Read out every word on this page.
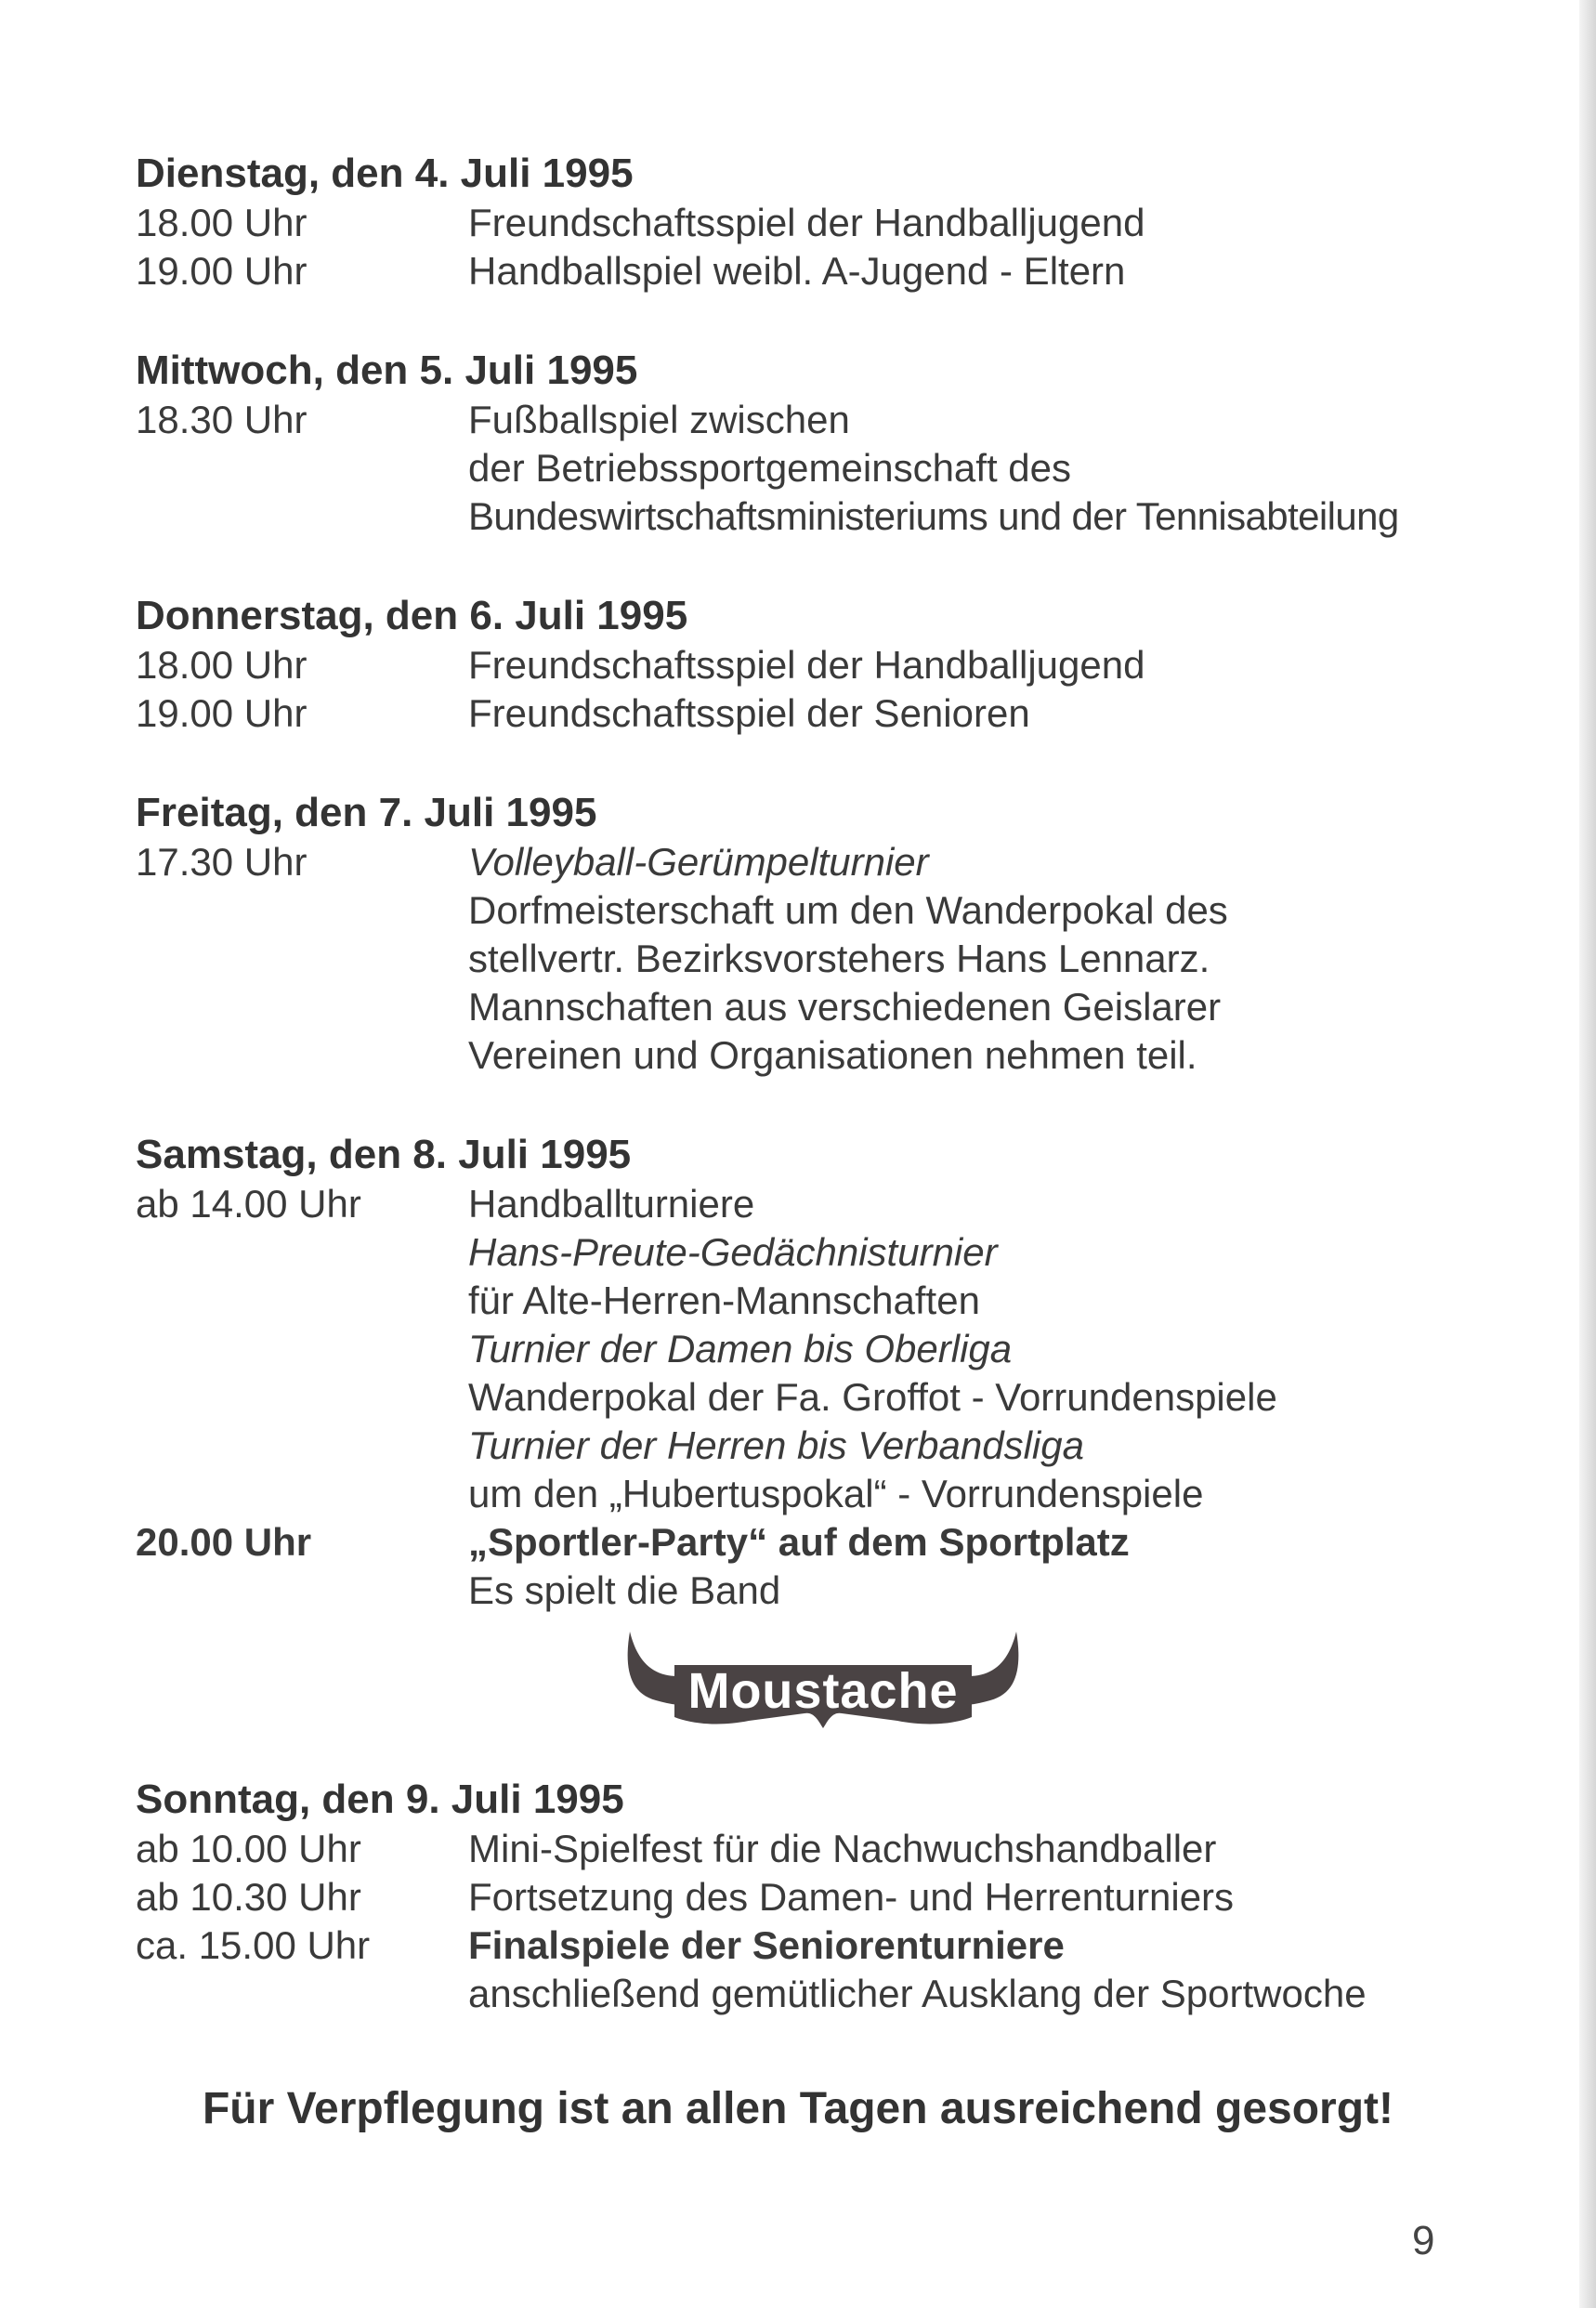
Dienstag, den 4. Juli 1995
18.00 Uhr	Freundschaftsspiel der Handballjugend
19.00 Uhr	Handballspiel weibl. A-Jugend - Eltern
Mittwoch, den 5. Juli 1995
18.30 Uhr	Fußballspiel zwischen
der Betriebssportgemeinschaft des
Bundeswirtschaftsministeriums und der Tennisabteilung
Donnerstag, den 6. Juli 1995
18.00 Uhr	Freundschaftsspiel der Handballjugend
19.00 Uhr	Freundschaftsspiel der Senioren
Freitag, den 7. Juli 1995
17.30 Uhr	Volleyball-Gerümpelturnier
Dorfmeisterschaft um den Wanderpokal des
stellvertr. Bezirksvorstehers Hans Lennarz.
Mannschaften aus verschiedenen Geislarer
Vereinen und Organisationen nehmen teil.
Samstag, den 8. Juli 1995
ab 14.00 Uhr	Handballturniere
Hans-Preute-Gedächnisturnier
für Alte-Herren-Mannschaften
Turnier der Damen bis Oberliga
Wanderpokal der Fa. Groffot - Vorrundenspiele
Turnier der Herren bis Verbandsliga
um den „Hubertuspokal“ - Vorrundenspiele
20.00 Uhr	„Sportler-Party“ auf dem Sportplatz
Es spielt die Band
Moustache
Sonntag, den 9. Juli 1995
ab 10.00 Uhr	Mini-Spielfest für die Nachwuchshandballer
ab 10.30 Uhr	Fortsetzung des Damen- und Herrenturniers
ca. 15.00 Uhr	Finalspiele der Seniorenturniere
anschließend gemütlicher Ausklang der Sportwoche
Für Verpflegung ist an allen Tagen ausreichend gesorgt!
9
